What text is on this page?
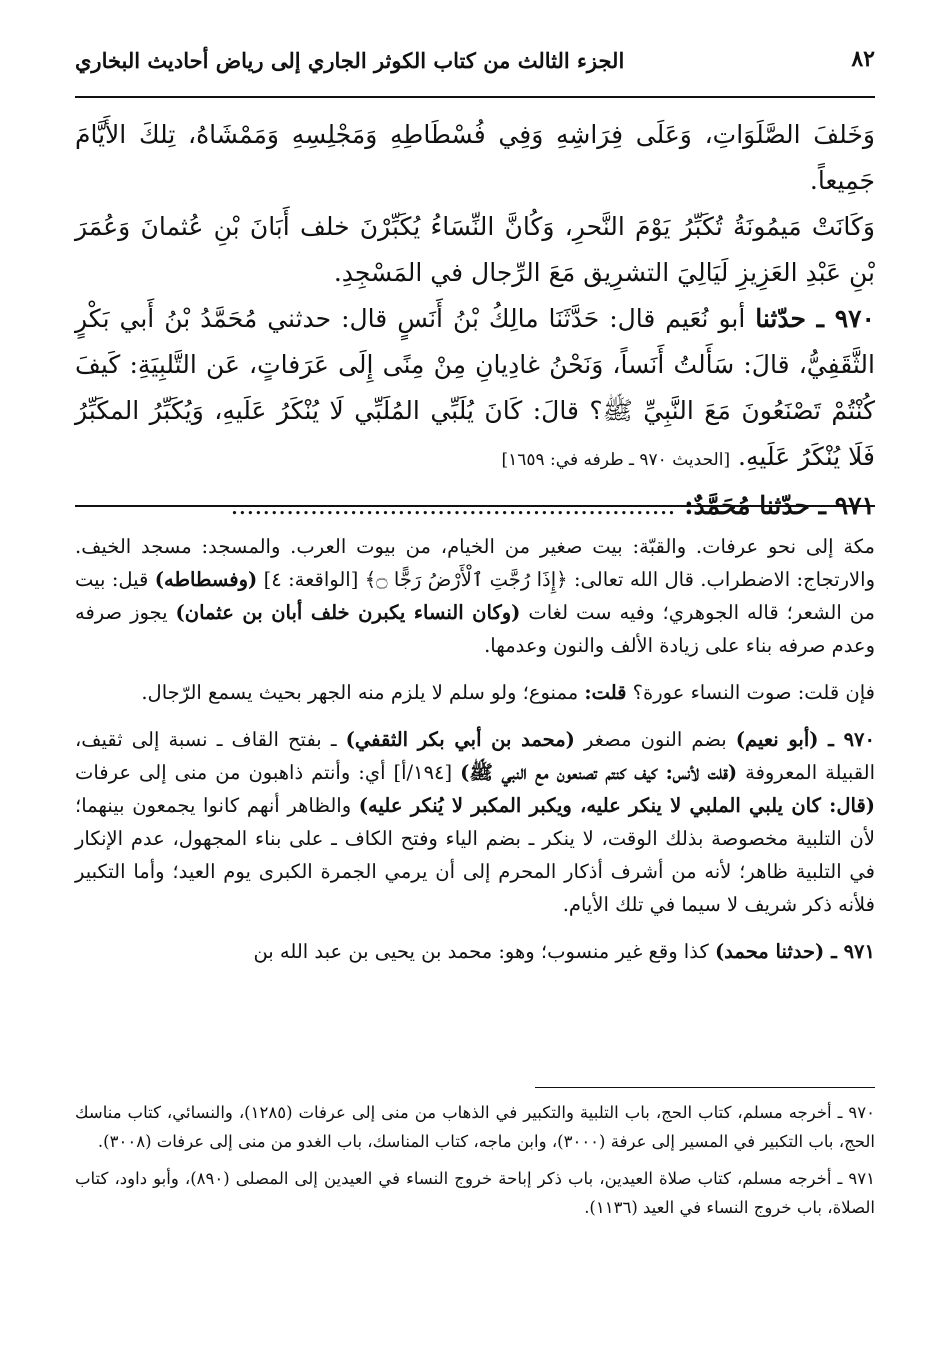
٨٢
الجزء الثالث من كتاب الكوثر الجاري إلى رياض أحاديث البخاري

وَخَلفَ الصَّلَوَاتِ، وَعَلَى فِرَاشِهِ وَفِي فُسْطَاطِهِ وَمَجْلِسِهِ وَمَمْشَاهُ، تِلكَ الأَيَّامَ جَمِيعاً.

وَكَانَتْ مَيمُونَةُ تُكَبِّرُ يَوْمَ النَّحرِ، وَكُانَّ النِّسَاءُ يُكَبِّرْنَ خلف أَبَانَ بْنِ عُثمانَ وَعُمَرَ بْنِ عَبْدِ العَزِيزِ لَيَالِيَ التشرِيق مَعَ الرِّجال في المَسْجِدِ.

٩٧٠ ـ حدّثنا أبو نُعَيم قال: حَدَّثَنَا مالِكُ بْنُ أَنَسٍ قال: حدثني مُحَمَّدُ بْنُ أَبي بَكْرٍ الثَّقَفِيُّ، قالَ: سَأَلتُ أَنَساً، وَنَحْنُ غادِيانِ مِنْ مِنًى إِلَى عَرَفاتٍ، عَن التَّلبِيَةِ: كَيفَ كُنْتُمْ تَصْنَعُونَ مَعَ النَّبِيِّ ﷺ؟ قالَ: كَانَ يُلَبِّي المُلَبِّي لَا يُنْكَرُ عَلَيهِ، وَيُكَبِّرُ المكَبِّرُ فَلَا يُنْكَرُ عَلَيهِ. [الحديث ٩٧٠ ـ طرفه في: ١٦٥٩]

٩٧١ ـ حدّثنا مُحَمَّدٌ: ........................................................

مكة إلى نحو عرفات. والقبّة: بيت صغير من الخيام، من بيوت العرب. والمسجد: مسجد الخيف. والارتجاج: الاضطراب. قال الله تعالى: ﴿إِذَا رُجَّتِ ٱلْأَرْضُ رَجًّا ۝﴾ [الواقعة: ٤] (وفسطاطه) قيل: بيت من الشعر؛ قاله الجوهري؛ وفيه ست لغات (وكان النساء يكبرن خلف أبان بن عثمان) يجوز صرفه وعدم صرفه بناء على زيادة الألف والنون وعدمها.

فإن قلت: صوت النساء عورة؟ قلت: ممنوع؛ ولو سلم لا يلزم منه الجهر بحيث يسمع الرّجال.

٩٧٠ ـ (أبو نعيم) بضم النون مصغر (محمد بن أبي بكر الثقفي) ـ بفتح القاف ـ نسبة إلى ثقيف، القبيلة المعروفة (قلت لأنس: كيف كنتم تصنعون مع النبي ﷺ) [١٩٤/أ] أي: وأنتم ذاهبون من منى إلى عرفات (قال: كان يلبي الملبي لا ينكر عليه، ويكبر المكبر لا يُنكر عليه) والظاهر أنهم كانوا يجمعون بينهما؛ لأن التلبية مخصوصة بذلك الوقت، لا ينكر ـ بضم الياء وفتح الكاف ـ على بناء المجهول، عدم الإنكار في التلبية ظاهر؛ لأنه من أشرف أذكار المحرم إلى أن يرمي الجمرة الكبرى يوم العيد؛ وأما التكبير فلأنه ذكر شريف لا سيما في تلك الأيام.

٩٧١ ـ (حدثنا محمد) كذا وقع غير منسوب؛ وهو: محمد بن يحيى بن عبد الله بن

٩٧٠ ـ أخرجه مسلم، كتاب الحج، باب التلبية والتكبير في الذهاب من منى إلى عرفات (١٢٨٥)، والنسائي، كتاب مناسك الحج، باب التكبير في المسير إلى عرفة (٣٠٠٠)، وابن ماجه، كتاب المناسك، باب الغدو من منى إلى عرفات (٣٠٠٨).

٩٧١ ـ أخرجه مسلم، كتاب صلاة العيدين، باب ذكر إباحة خروج النساء في العيدين إلى المصلى (٨٩٠)، وأبو داود، كتاب الصلاة، باب خروج النساء في العيد (١١٣٦).
